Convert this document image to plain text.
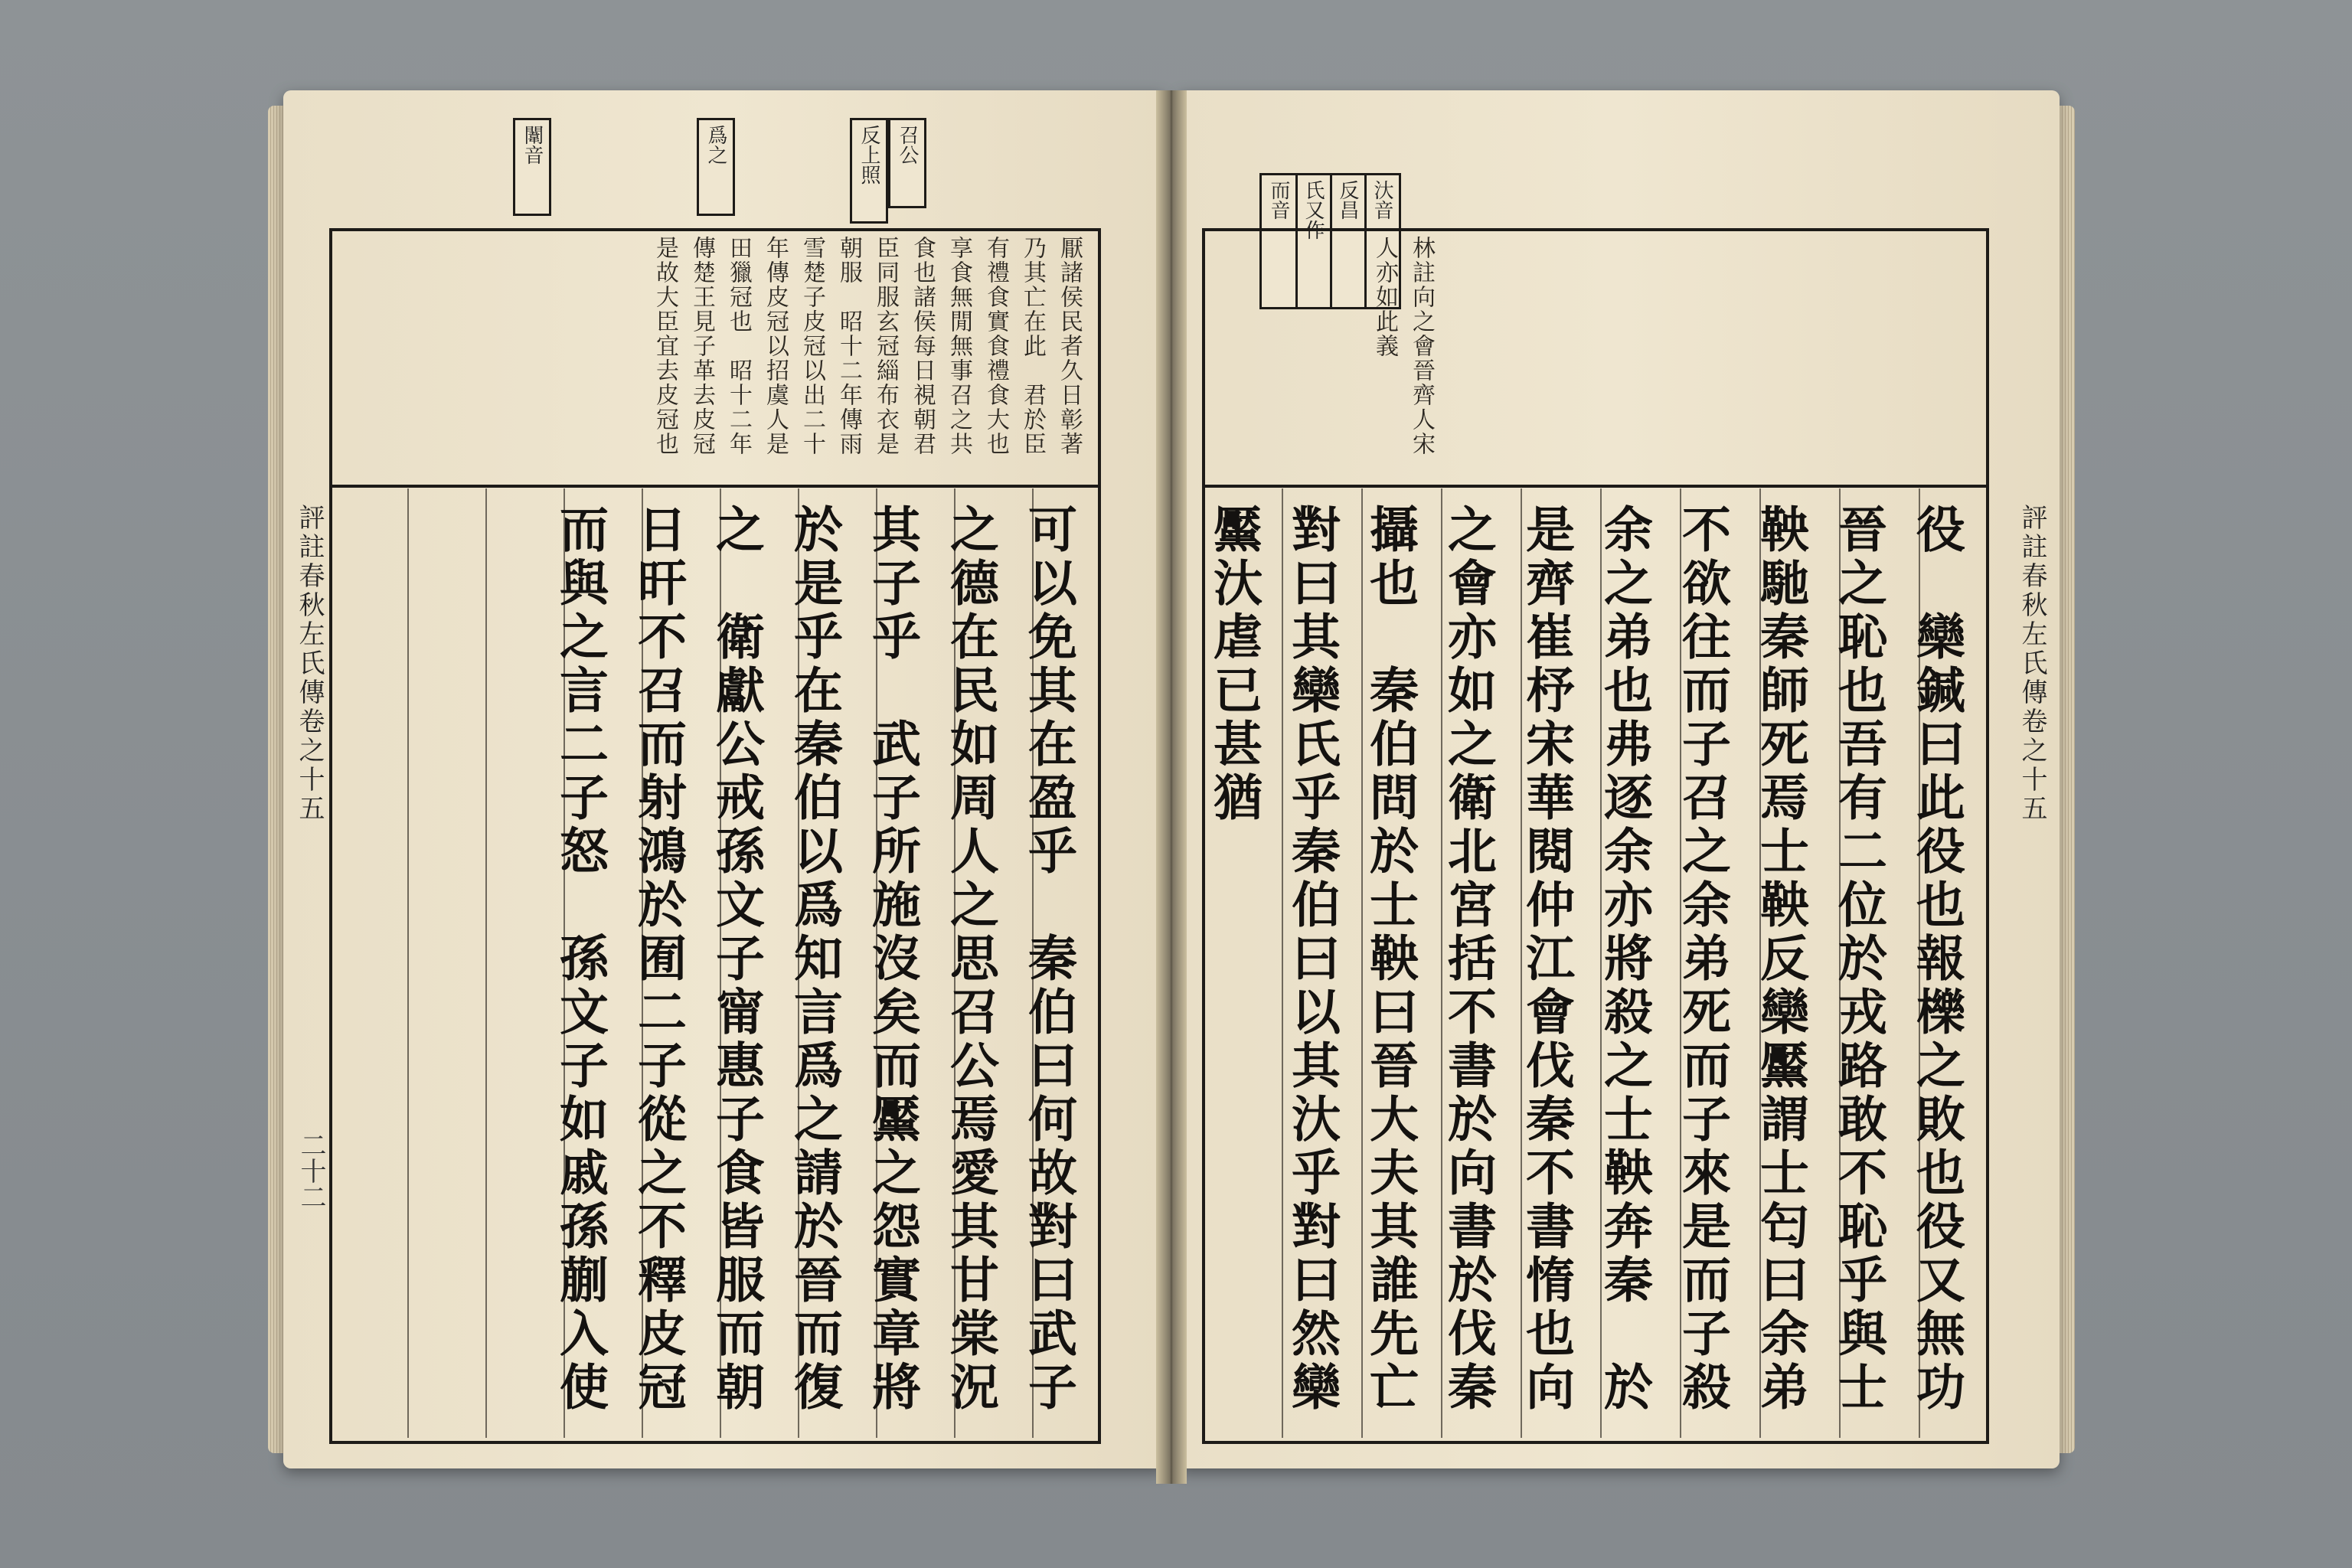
召公
反上照
爲之
闈音
厭諸侯民者久日彰著乃其亡在此　君於臣有禮食實食禮食大也享食無閒無事召之共食也諸侯每日視朝君臣同服玄冠緇布衣是朝服　昭十二年傳雨雪楚子皮冠以出二十年傳皮冠以招虞人是田獵冠也　昭十二年傳楚王見子革去皮冠是故大臣宜去皮冠也
可以免其在盈乎　秦伯曰何故對曰武子之德在民如周人之思召公焉愛其甘棠況其子乎　武子所施沒矣而黶之怨實章將於是乎在秦伯以爲知言爲之請於晉而復之　衛獻公戒孫文子甯惠子食皆服而朝日旰不召而射鴻於囿二子從之不釋皮冠而與之言二子怒　孫文子如戚孫蒯入使
評註春秋左氏傳卷之十五
二十二
汏音
反昌
氏又作
而音
林註向之會晉齊人宋人亦如此義
役　欒鍼曰此役也報櫟之敗也役又無功晉之恥也吾有二位於戎路敢不恥乎與士鞅馳秦師死焉士鞅反欒黶謂士匄曰余弟不欲往而子召之余弟死而子來是而子殺余之弟也弗逐余亦將殺之士鞅奔秦　於是齊崔杼宋華閱仲江會伐秦不書惰也向之會亦如之衛北宮括不書於向書於伐秦攝也　秦伯問於士鞅曰晉大夫其誰先亡對曰其欒氏乎秦伯曰以其汏乎對曰然欒黶汏虐已甚猶	評註春秋左氏傳卷之十五
